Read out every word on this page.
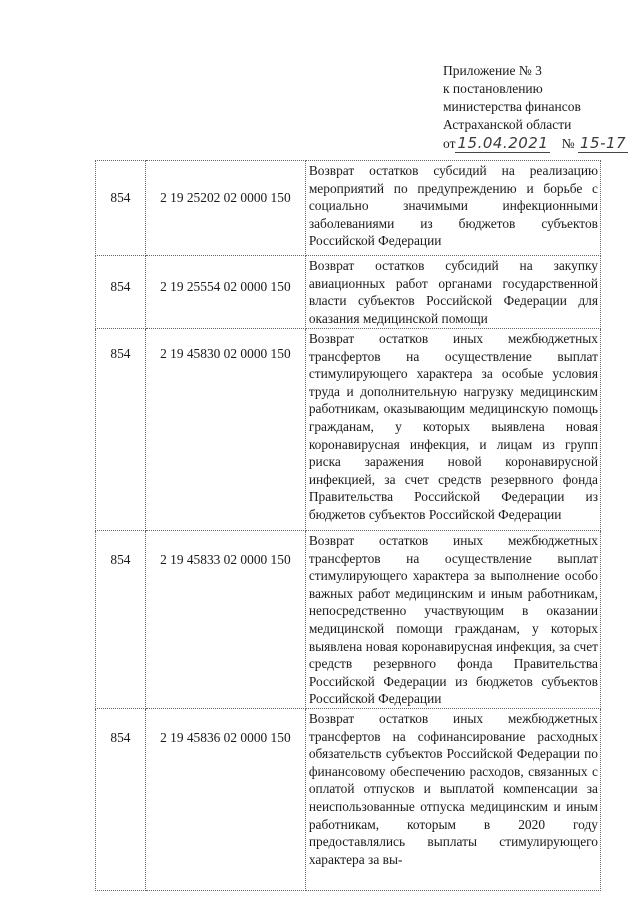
Приложение № 3
к постановлению
министерства финансов
Астраханской области
от 15.04.2021 № 15-17
854	2 19 25202 02 0000 150	Возврат остатков субсидий на реализацию мероприятий по предупреждению и борьбе с социально значимыми инфекционными заболеваниями из бюджетов субъектов Российской Федерации
854	2 19 25554 02 0000 150	Возврат остатков субсидий на закупку авиационных работ органами государственной власти субъектов Российской Федерации для оказания медицинской помощи
854	2 19 45830 02 0000 150	Возврат остатков иных межбюджетных трансфертов на осуществление выплат стимулирующего характера за особые условия труда и дополнительную нагрузку медицинским работникам, оказывающим медицинскую помощь гражданам, у которых выявлена новая коронавирусная инфекция, и лицам из групп риска заражения новой коронавирусной инфекцией, за счет средств резервного фонда Правительства Российской Федерации из бюджетов субъектов Российской Федерации
854	2 19 45833 02 0000 150	Возврат остатков иных межбюджетных трансфертов на осуществление выплат стимулирующего характера за выполнение особо важных работ медицинским и иным работникам, непосредственно участвующим в оказании медицинской помощи гражданам, у которых выявлена новая коронавирусная инфекция, за счет средств резервного фонда Правительства Российской Федерации из бюджетов субъектов Российской Федерации
854	2 19 45836 02 0000 150	Возврат остатков иных межбюджетных трансфертов на софинансирование расходных обязательств субъектов Российской Федерации по финансовому обеспечению расходов, связанных с оплатой отпусков и выплатой компенсации за неиспользованные отпуска медицинским и иным работникам, которым в 2020 году предоставлялись выплаты стимулирующего характера за вы-
